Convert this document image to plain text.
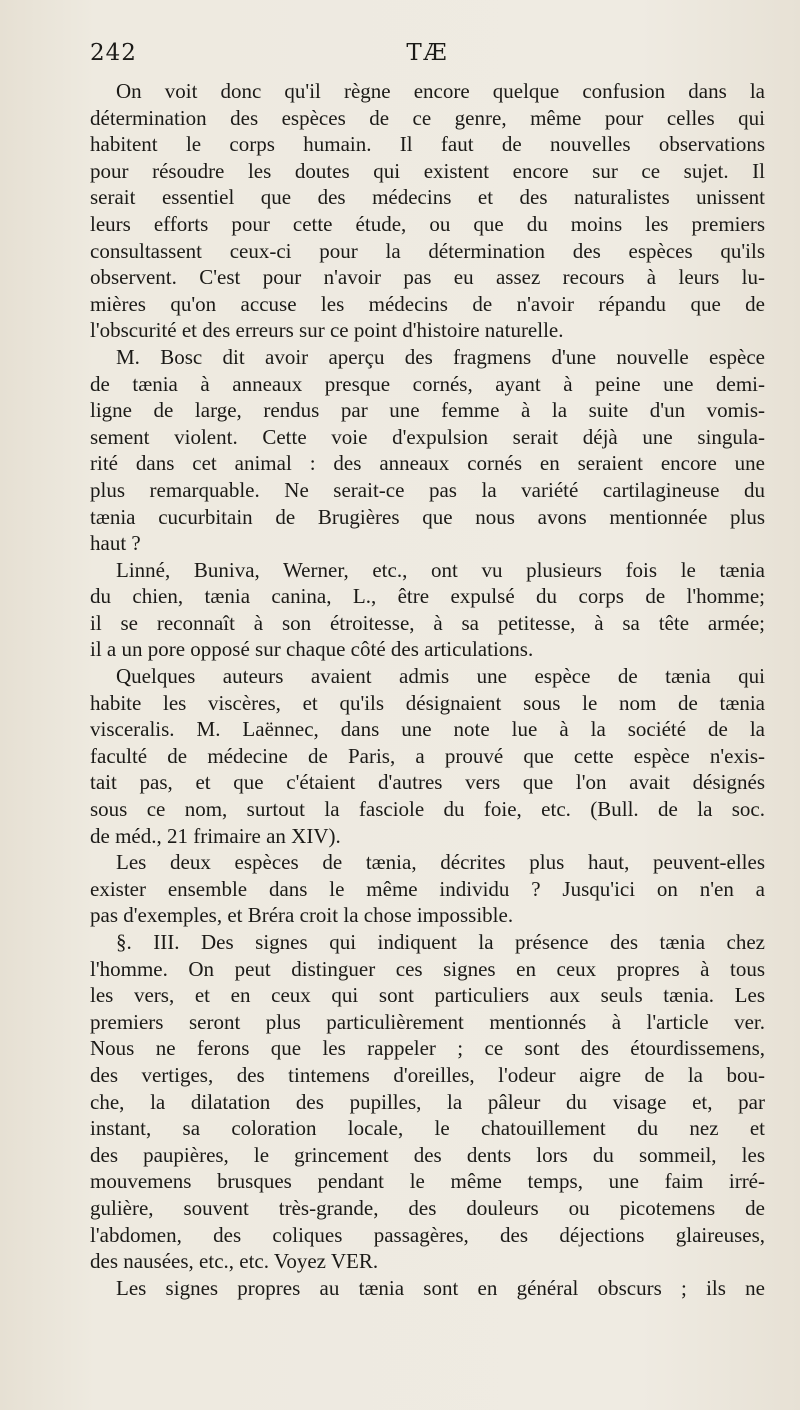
242	TÆ
On voit donc qu'il règne encore quelque confusion dans la
détermination des espèces de ce genre, même pour celles qui
habitent le corps humain. Il faut de nouvelles observations
pour résoudre les doutes qui existent encore sur ce sujet. Il
serait essentiel que des médecins et des naturalistes unissent
leurs efforts pour cette étude, ou que du moins les premiers
consultassent ceux-ci pour la détermination des espèces qu'ils
observent. C'est pour n'avoir pas eu assez recours à leurs lu-
mières qu'on accuse les médecins de n'avoir répandu que de
l'obscurité et des erreurs sur ce point d'histoire naturelle.
M. Bosc dit avoir aperçu des fragmens d'une nouvelle espèce
de tænia à anneaux presque cornés, ayant à peine une demi-
ligne de large, rendus par une femme à la suite d'un vomis-
sement violent. Cette voie d'expulsion serait déjà une singula-
rité dans cet animal : des anneaux cornés en seraient encore une
plus remarquable. Ne serait-ce pas la variété cartilagineuse du
tænia cucurbitain de Brugières que nous avons mentionnée plus
haut ?
Linné, Buniva, Werner, etc., ont vu plusieurs fois le tænia
du chien, tænia canina, L., être expulsé du corps de l'homme;
il se reconnaît à son étroitesse, à sa petitesse, à sa tête armée;
il a un pore opposé sur chaque côté des articulations.
Quelques auteurs avaient admis une espèce de tænia qui
habite les viscères, et qu'ils désignaient sous le nom de tænia
visceralis. M. Laënnec, dans une note lue à la société de la
faculté de médecine de Paris, a prouvé que cette espèce n'exis-
tait pas, et que c'étaient d'autres vers que l'on avait désignés
sous ce nom, surtout la fasciole du foie, etc. (Bull. de la soc.
de méd., 21 frimaire an XIV).
Les deux espèces de tænia, décrites plus haut, peuvent-elles
exister ensemble dans le même individu ? Jusqu'ici on n'en a
pas d'exemples, et Bréra croit la chose impossible.
§. III. Des signes qui indiquent la présence des tænia chez
l'homme. On peut distinguer ces signes en ceux propres à tous
les vers, et en ceux qui sont particuliers aux seuls tænia. Les
premiers seront plus particulièrement mentionnés à l'article ver.
Nous ne ferons que les rappeler ; ce sont des étourdissemens,
des vertiges, des tintemens d'oreilles, l'odeur aigre de la bou-
che, la dilatation des pupilles, la pâleur du visage et, par
instant, sa coloration locale, le chatouillement du nez et
des paupières, le grincement des dents lors du sommeil, les
mouvemens brusques pendant le même temps, une faim irré-
gulière, souvent très-grande, des douleurs ou picotemens de
l'abdomen, des coliques passagères, des déjections glaireuses,
des nausées, etc., etc. Voyez VER.
Les signes propres au tænia sont en général obscurs ; ils ne
